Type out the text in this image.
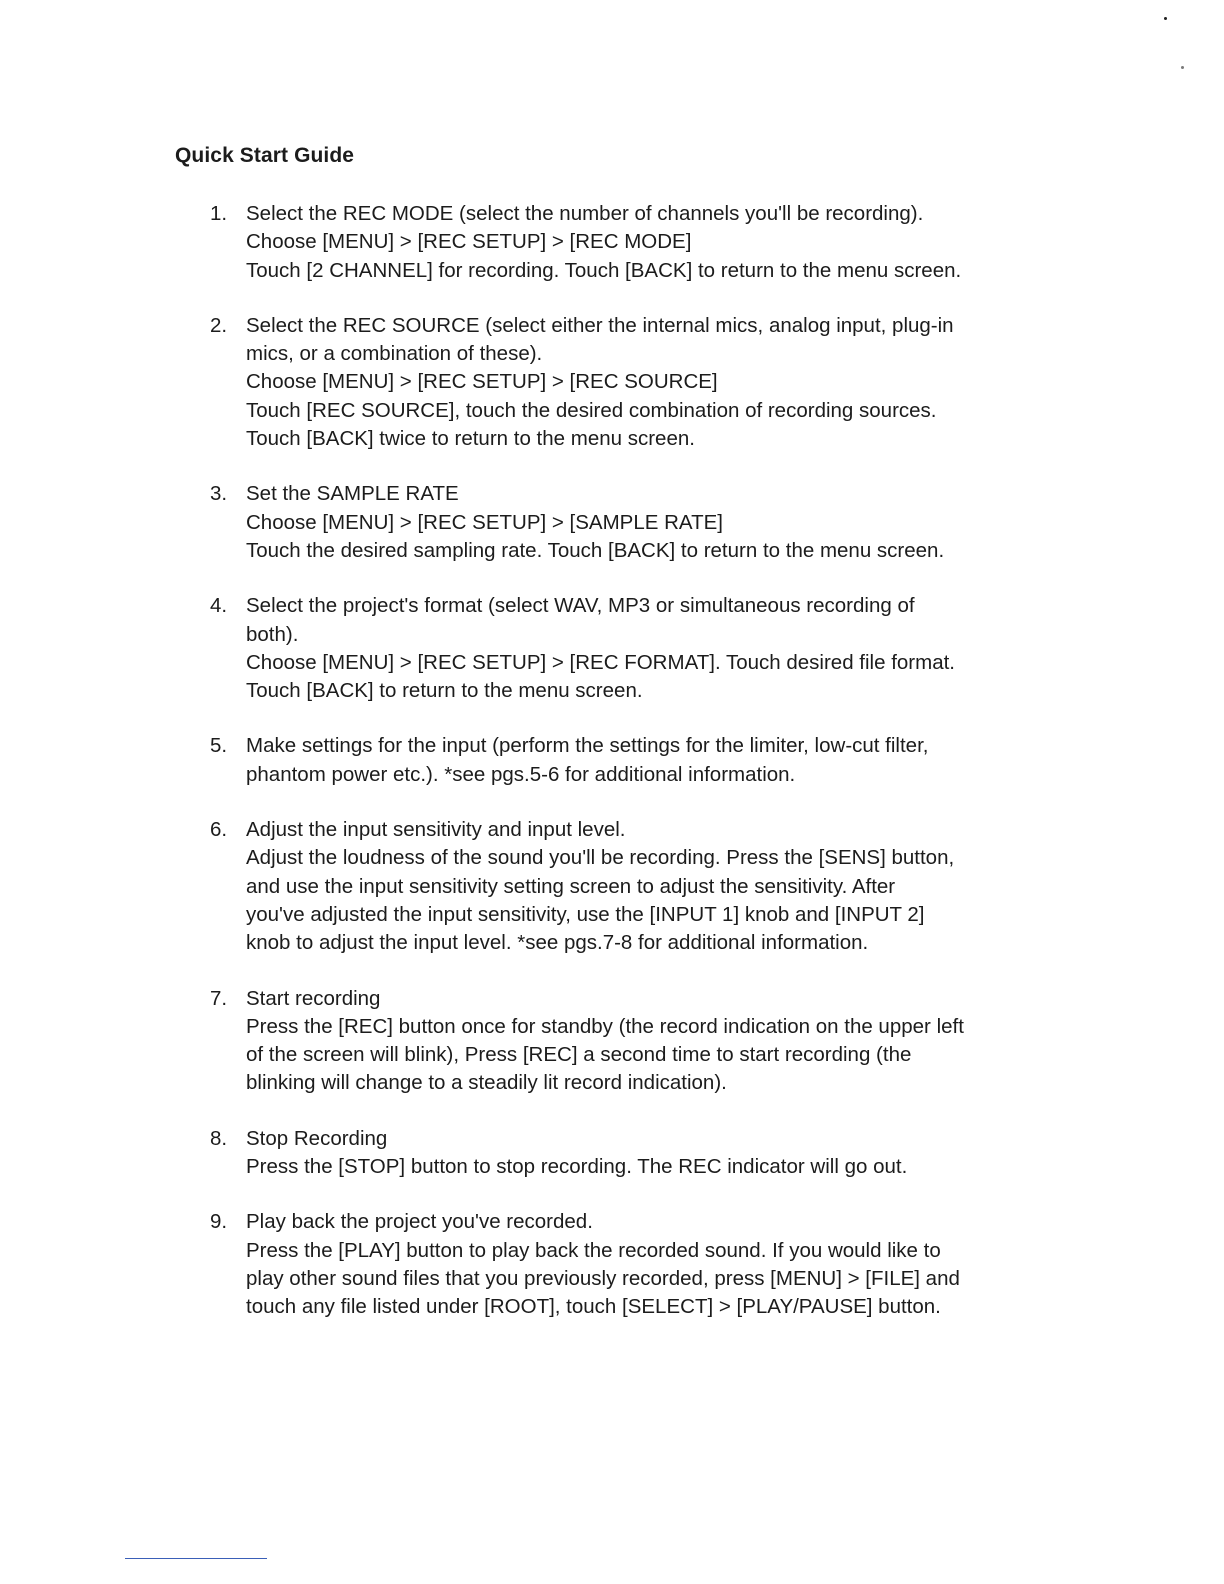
Quick Start Guide
1. Select the REC MODE (select the number of channels you'll be recording).
Choose [MENU] > [REC SETUP] > [REC MODE]
Touch [2 CHANNEL] for recording. Touch [BACK] to return to the menu screen.
2. Select the REC SOURCE (select either the internal mics, analog input, plug-in
mics, or a combination of these).
Choose [MENU] > [REC SETUP] > [REC SOURCE]
Touch [REC SOURCE], touch the desired combination of recording sources.
Touch [BACK] twice to return to the menu screen.
3. Set the SAMPLE RATE
Choose [MENU] > [REC SETUP] > [SAMPLE RATE]
Touch the desired sampling rate. Touch [BACK] to return to the menu screen.
4. Select the project's format (select WAV, MP3 or simultaneous recording of
both).
Choose [MENU] > [REC SETUP] > [REC FORMAT]. Touch desired file format.
Touch [BACK] to return to the menu screen.
5. Make settings for the input (perform the settings for the limiter, low-cut filter,
phantom power etc.). *see pgs.5-6 for additional information.
6. Adjust the input sensitivity and input level.
Adjust the loudness of the sound you'll be recording. Press the [SENS] button,
and use the input sensitivity setting screen to adjust the sensitivity. After
you've adjusted the input sensitivity, use the [INPUT 1] knob and [INPUT 2]
knob to adjust the input level. *see pgs.7-8 for additional information.
7. Start recording
Press the [REC] button once for standby (the record indication on the upper left
of the screen will blink), Press [REC] a second time to start recording (the
blinking will change to a steadily lit record indication).
8. Stop Recording
Press the [STOP] button to stop recording. The REC indicator will go out.
9. Play back the project you've recorded.
Press the [PLAY] button to play back the recorded sound. If you would like to
play other sound files that you previously recorded, press [MENU] > [FILE] and
touch any file listed under [ROOT], touch [SELECT] > [PLAY/PAUSE] button.
